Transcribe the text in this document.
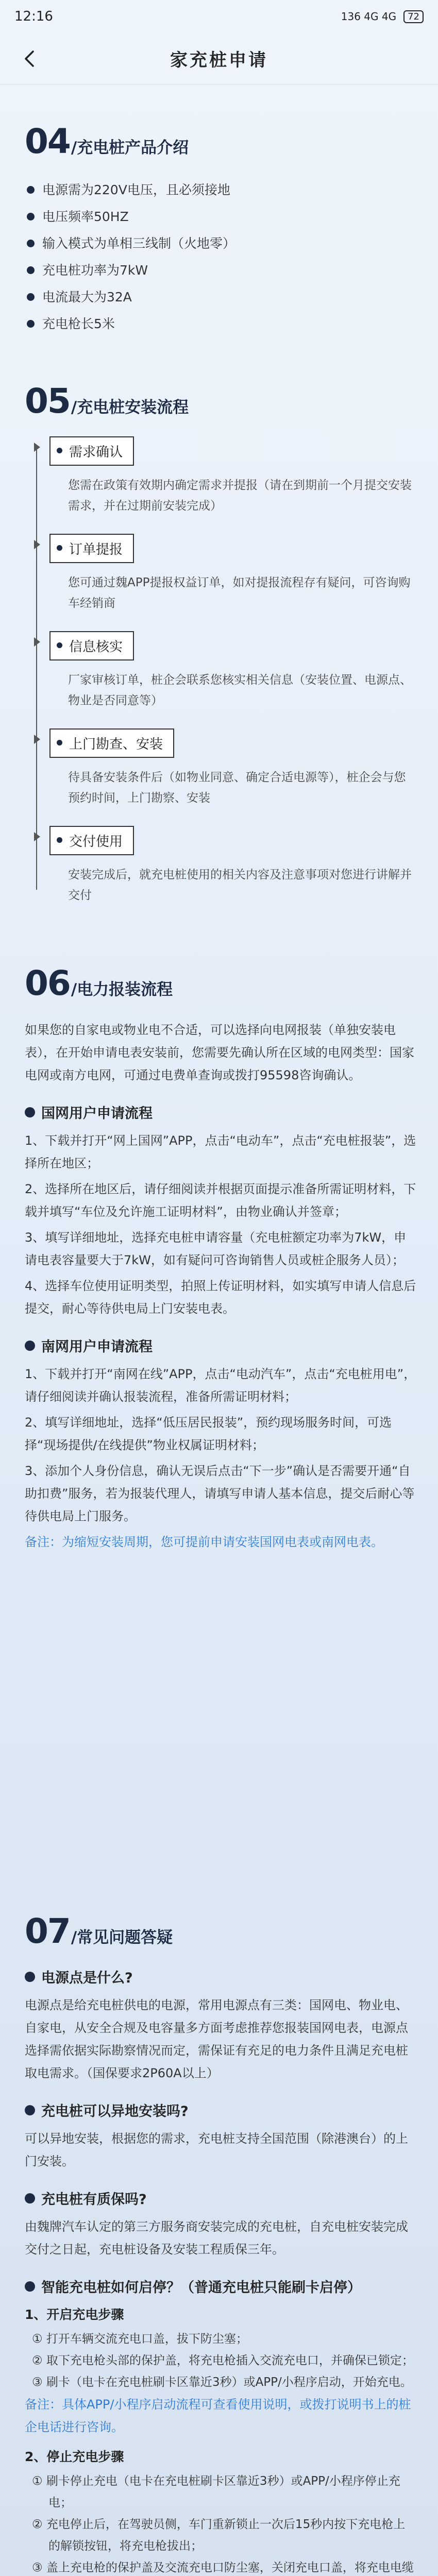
12:16	136 4G 4G	72
家充桩申请
04 /充电桩产品介绍
电源需为220V电压，且必须接地
电压频率50HZ
输入模式为单相三线制（火地零）
充电桩功率为7kW
电流最大为32A
充电枪长5米
05 /充电桩安装流程
需求确认

您需在政策有效期内确定需求并提报（请在到期前一个月提交安装需求，并在过期前安装完成）

订单提报

您可通过魏APP提报权益订单，如对提报流程存有疑问，可咨询购车经销商

信息核实

厂家审核订单，桩企会联系您核实相关信息（安装位置、电源点、物业是否同意等）

上门勘查、安装

待具备安装条件后（如物业同意、确定合适电源等），桩企会与您预约时间，上门勘察、安装

交付使用

安装完成后，就充电桩使用的相关内容及注意事项对您进行讲解并交付

06 /电力报装流程

如果您的自家电或物业电不合适，可以选择向电网报装（单独安装电表），在开始申请电表安装前，您需要先确认所在区域的电网类型：国家电网或南方电网，可通过电费单查询或拨打95598咨询确认。

国网用户申请流程

1、下载并打开“网上国网”APP，点击“电动车”，点击“充电桩报装”，选择所在地区；

2、选择所在地区后，请仔细阅读并根据页面提示准备所需证明材料，下载并填写“车位及允许施工证明材料”，由物业确认并签章；

3、填写详细地址，选择充电桩申请容量（充电桩额定功率为7kW，申请电表容量要大于7kW，如有疑问可咨询销售人员或桩企服务人员）；

4、选择车位使用证明类型，拍照上传证明材料，如实填写申请人信息后提交，耐心等待供电局上门安装电表。

南网用户申请流程

1、下载并打开“南网在线”APP，点击“电动汽车”，点击“充电桩用电”，请仔细阅读并确认报装流程，准备所需证明材料；

2、填写详细地址，选择“低压居民报装”，预约现场服务时间，可选择“现场提供/在线提供”物业权属证明材料；

3、添加个人身份信息，确认无误后点击“下一步”确认是否需要开通“自助扣费”服务，若为报装代理人，请填写申请人基本信息，提交后耐心等待供电局上门服务。

备注：为缩短安装周期，您可提前申请安装国网电表或南网电表。

07 /常见问题答疑
电源点是什么?

电源点是给充电桩供电的电源，常用电源点有三类：国网电、物业电、自家电，从安全合规及电容量多方面考虑推荐您报装国网电表，电源点选择需依据实际勘察情况而定，需保证有充足的电力条件且满足充电桩取电需求。（国保要求2P60A以上）

充电桩可以异地安装吗?

可以异地安装，根据您的需求，充电桩支持全国范围（除港澳台）的上门安装。

充电桩有质保吗?

由魏牌汽车认定的第三方服务商安装完成的充电桩，自充电桩安装完成交付之日起，充电桩设备及安装工程质保三年。

智能充电桩如何启停？（普通充电桩只能刷卡启停）

1、开启充电步骤

① 打开车辆交流充电口盖，拔下防尘塞；

② 取下充电枪头部的保护盖，将充电枪插入交流充电口，并确保已锁定；

③ 刷卡（电卡在充电桩刷卡区靠近3秒）或APP/小程序启动，开始充电。

备注：具体APP/小程序启动流程可查看使用说明，或拨打说明书上的桩企电话进行咨询。

2、停止充电步骤

① 刷卡停止充电（电卡在充电桩刷卡区靠近3秒）或APP/小程序停止充电；

② 充电停止后，在驾驶员侧，车门重新锁止一次后15秒内按下充电枪上的解锁按钮，将充电枪拔出；

③ 盖上充电枪的保护盖及交流充电口防尘塞，关闭充电口盖，将充电电缆
